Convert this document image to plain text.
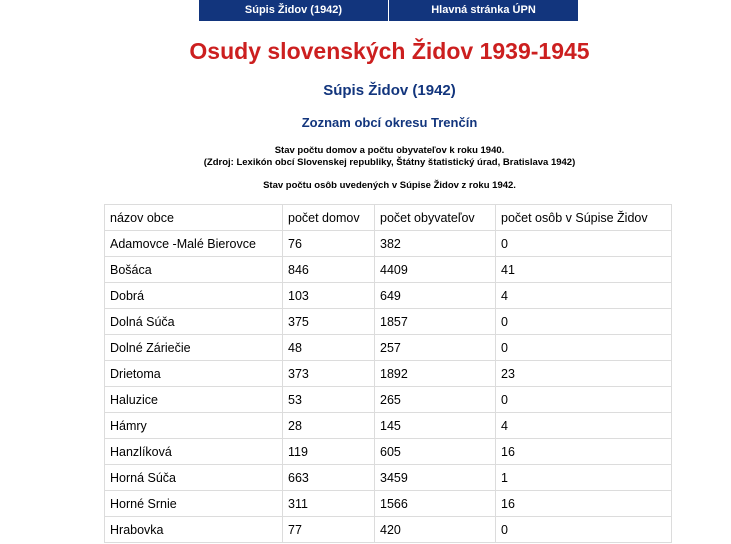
Súpis Židov (1942)	Hlavná stránka ÚPN
Osudy slovenských Židov 1939-1945
Súpis Židov (1942)
Zoznam obcí okresu Trenčín
Stav počtu domov a počtu obyvateľov k roku 1940.
(Zdroj: Lexikón obcí Slovenskej republiky, Štátny štatistický úrad, Bratislava 1942)
Stav počtu osôb uvedených v Súpise Židov z roku 1942.
názov obce	počet domov	počet obyvateľov	počet osôb v Súpise Židov
Adamovce -Malé Bierovce	76	382	0
Bošáca	846	4409	41
Dobrá	103	649	4
Dolná Súča	375	1857	0
Dolné Záriečie	48	257	0
Drietoma	373	1892	23
Haluzice	53	265	0
Hámry	28	145	4
Hanzlíková	119	605	16
Horná Súča	663	3459	1
Horné Srnie	311	1566	16
Hrabovka	77	420	0
